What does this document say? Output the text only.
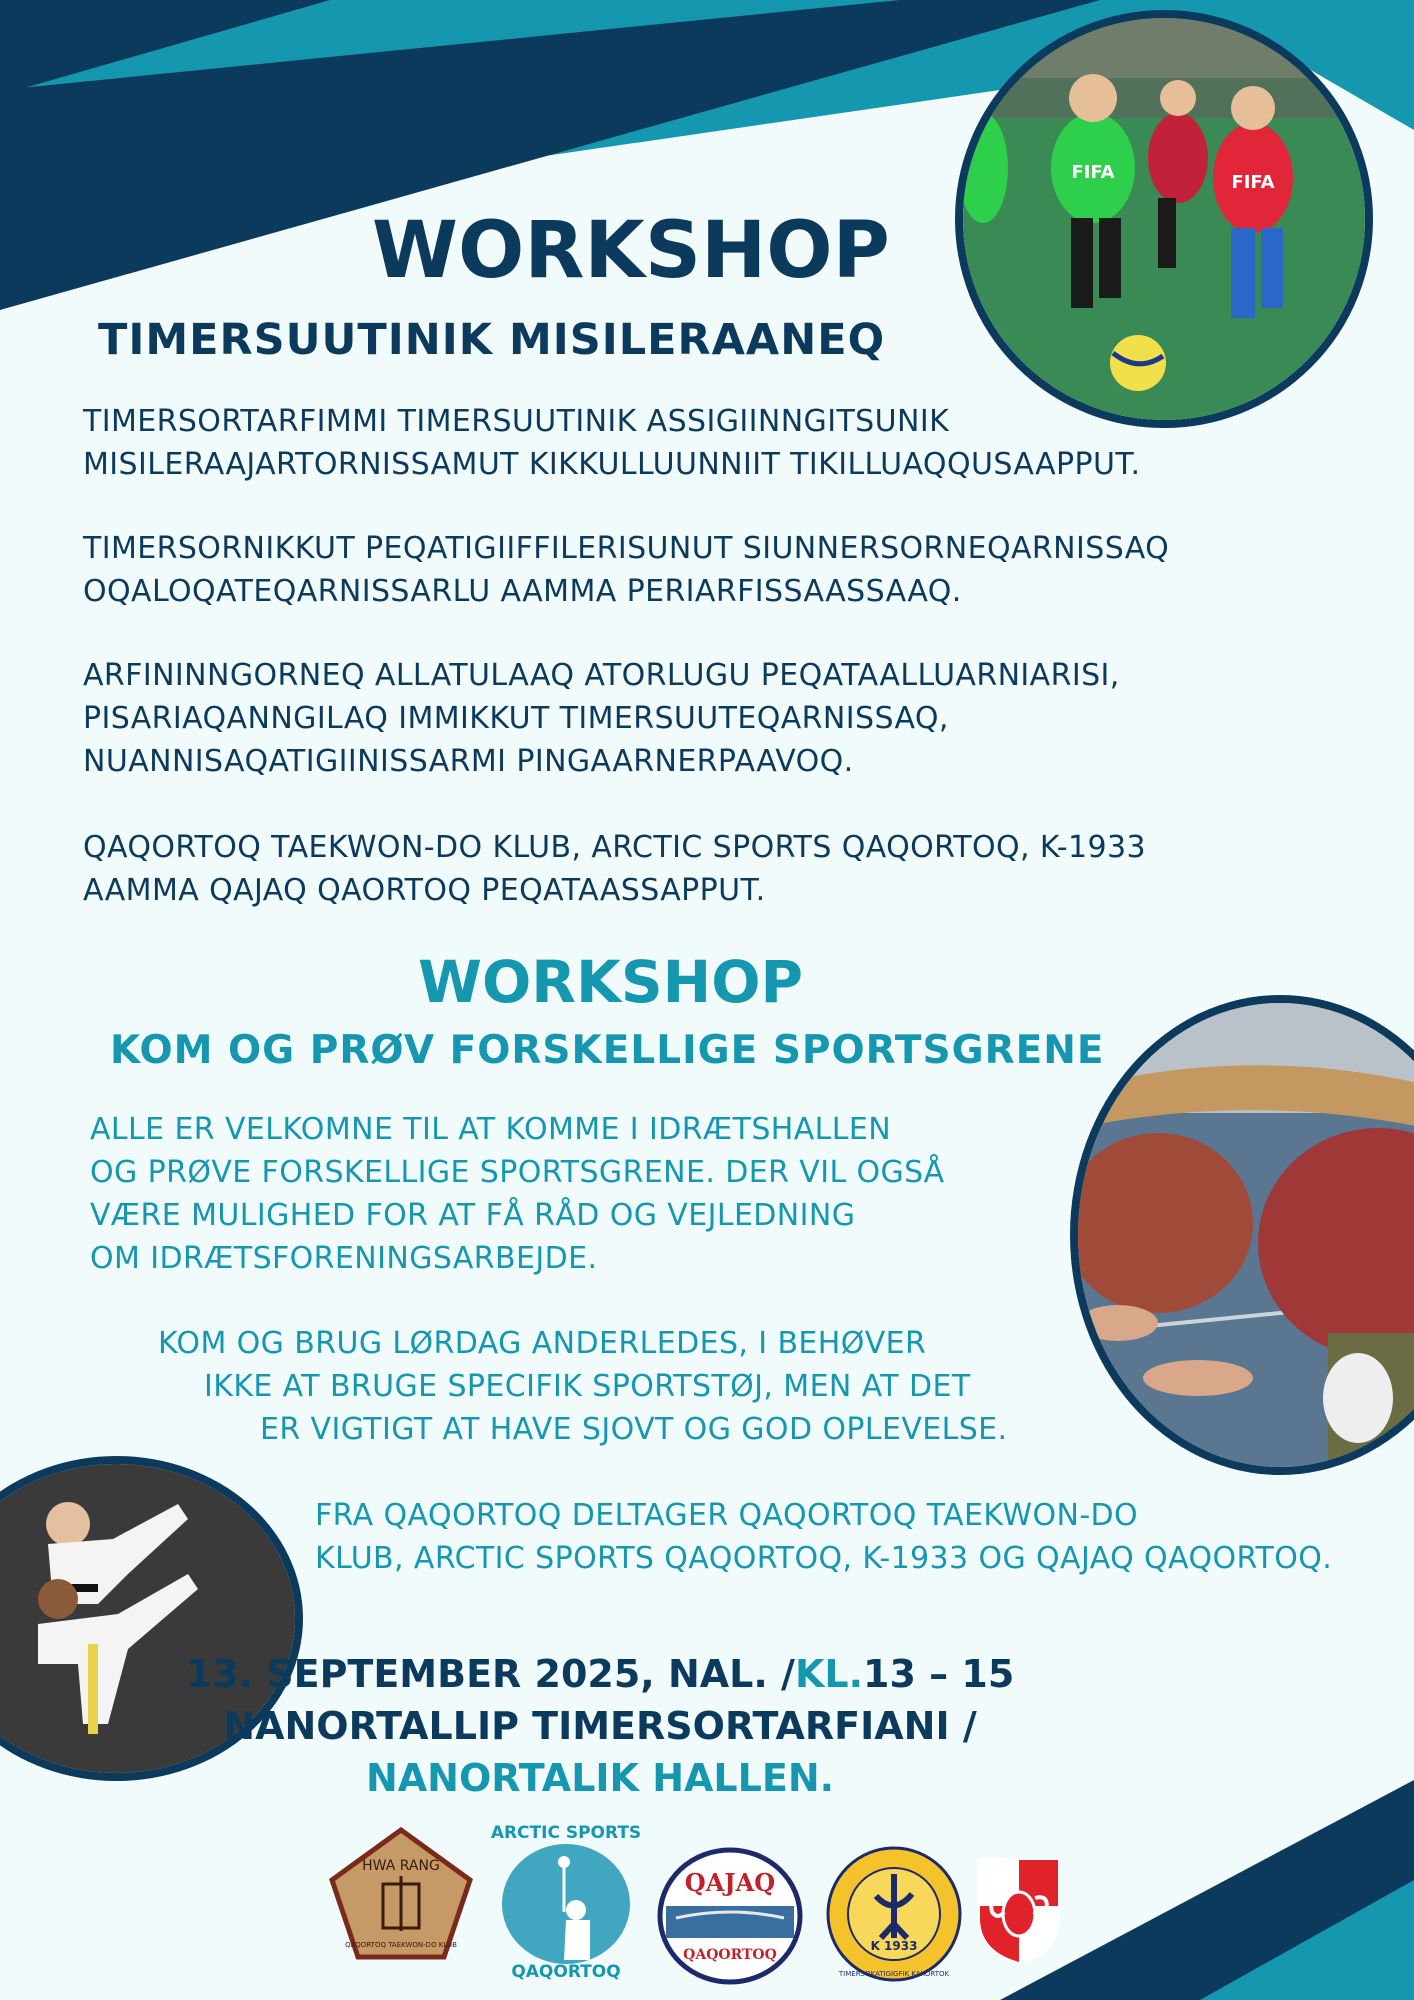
FIFA	FIFA
WORKSHOP
TIMERSUUTINIK MISILERAANEQ

TIMERSORTARFIMMI TIMERSUUTINIK ASSIGIINNGITSUNIK
MISILERAAJARTORNISSAMUT KIKKULLUUNNIIT TIKILLUAQQUSAAPPUT.

TIMERSORNIKKUT PEQATIGIIFFILERISUNUT SIUNNERSORNEQARNISSAQ
OQALOQATEQARNISSARLU AAMMA PERIARFISSAASSAAQ.

ARFININNGORNEQ ALLATULAAQ ATORLUGU PEQATAALLUARNIARISI,
PISARIAQANNGILAQ IMMIKKUT TIMERSUUTEQARNISSAQ,
NUANNISAQATIGIINISSARMI PINGAARNERPAAVOQ.

QAQORTOQ TAEKWON-DO KLUB, ARCTIC SPORTS QAQORTOQ, K-1933
AAMMA QAJAQ QAORTOQ PEQATAASSAPPUT.

WORKSHOP
KOM OG PRØV FORSKELLIGE SPORTSGRENE

ALLE ER VELKOMNE TIL AT KOMME I IDRÆTSHALLEN
OG PRØVE FORSKELLIGE SPORTSGRENE. DER VIL OGSÅ
VÆRE MULIGHED FOR AT FÅ RÅD OG VEJLEDNING
OM IDRÆTSFORENINGSARBEJDE.

KOM OG BRUG LØRDAG ANDERLEDES, I BEHØVER
IKKE AT BRUGE SPECIFIK SPORTSTØJ, MEN AT DET
ER VIGTIGT AT HAVE SJOVT OG GOD OPLEVELSE.

FRA QAQORTOQ DELTAGER QAQORTOQ TAEKWON-DO
KLUB, ARCTIC SPORTS QAQORTOQ, K-1933 OG QAJAQ QAQORTOQ.

13. SEPTEMBER 2025, NAL. /KL.13 – 15

NANORTALLIP TIMERSORTARFIANI /

NANORTALIK HALLEN.

HWA RANG
QAQORTOQ TAEKWON-DO KLUB
ARCTIC SPORTS
QAQORTOQ
QAJAQ
QAQORTOQ
K 1933
TIMERSOKATIGIGFIK KAKORTOK
